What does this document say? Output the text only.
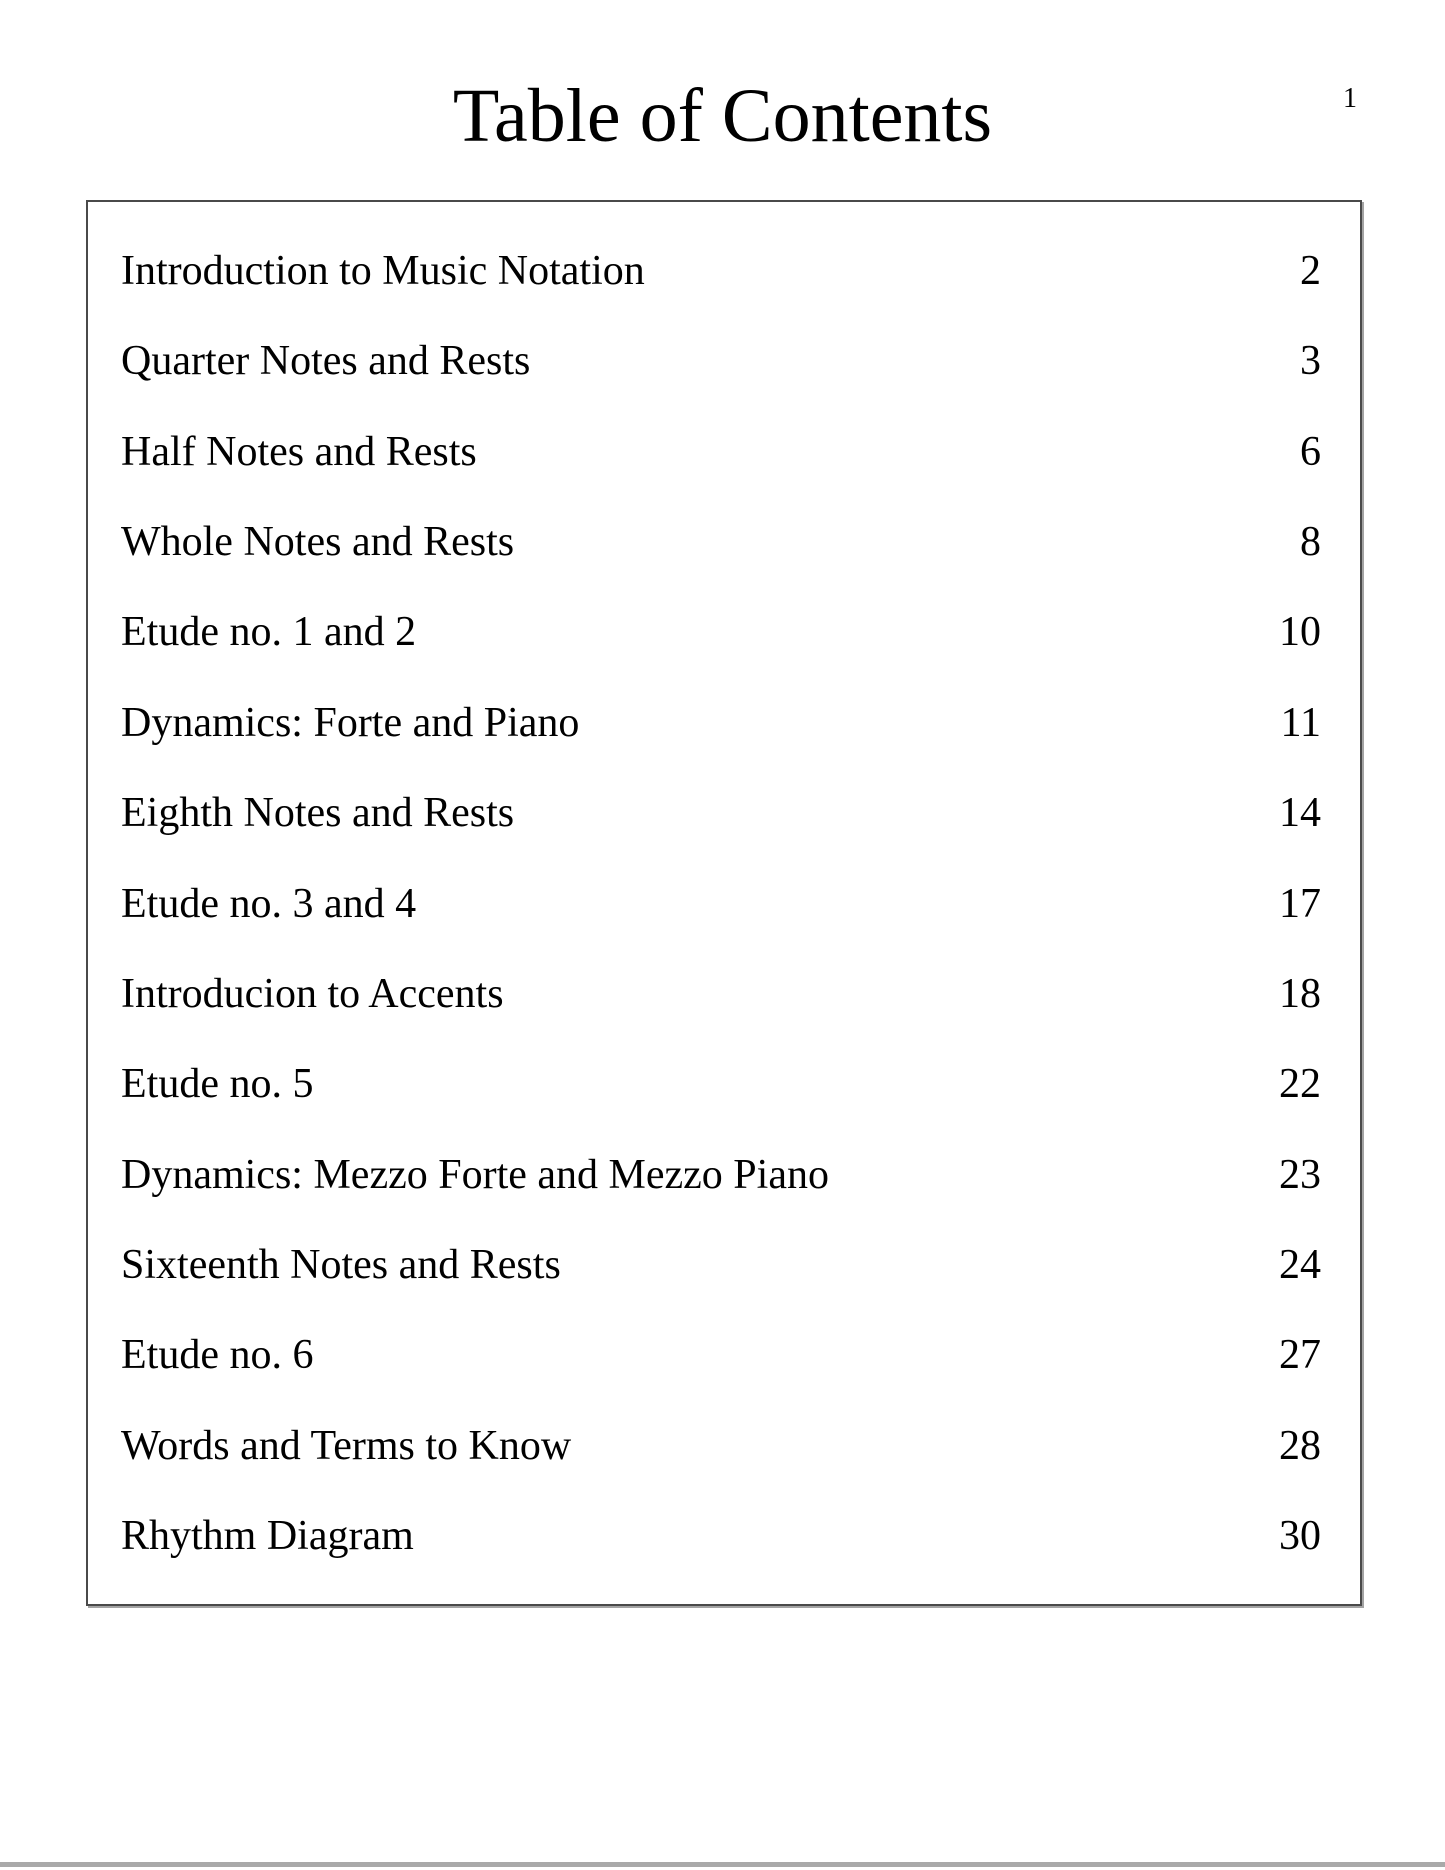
1
Table of Contents
Introduction to Music Notation	2
Quarter Notes and Rests	3
Half Notes and Rests	6
Whole Notes and Rests	8
Etude no. 1 and 2	10
Dynamics: Forte and Piano	11
Eighth Notes and Rests	14
Etude no. 3 and 4	17
Introducion to Accents	18
Etude no. 5	22
Dynamics: Mezzo Forte and Mezzo Piano	23
Sixteenth Notes and Rests	24
Etude no. 6	27
Words and Terms to Know	28
Rhythm Diagram	30
